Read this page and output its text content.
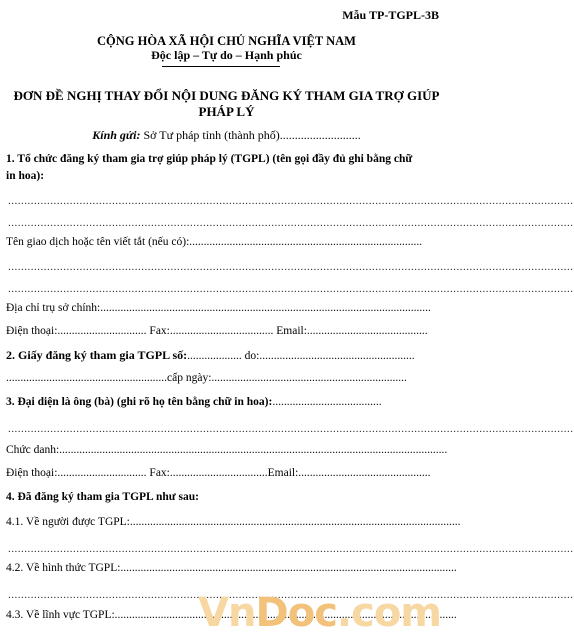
Mẫu TP-TGPL-3B
CỘNG HÒA XÃ HỘI CHỦ NGHĨA VIỆT NAM
Độc lập – Tự do – Hạnh phúc
ĐƠN ĐỀ NGHỊ THAY ĐỔI NỘI DUNG ĐĂNG KÝ THAM GIA TRỢ GIÚP
PHÁP LÝ
Kính gửi: Sở Tư pháp tỉnh (thành phố)...........................
1. Tổ chức đăng ký tham gia trợ giúp pháp lý (TGPL) (tên gọi đầy đủ ghi bằng chữ
in hoa):
..............................................................................................................................................................................
..............................................................................................................................................................................
Tên giao dịch hoặc tên viết tắt (nếu có):.................................................................................
..............................................................................................................................................................................
..............................................................................................................................................................................
Địa chỉ trụ sở chính:...................................................................................................................
Điện thoại:............................... Fax:.................................... Email:..........................................
2. Giấy đăng ký tham gia TGPL số:................... do:......................................................
........................................................cấp ngày:....................................................................
3. Đại diện là ông (bà) (ghi rõ họ tên bằng chữ in hoa):......................................
..............................................................................................................................................................................
Chức danh:.......................................................................................................................................
Điện thoại:............................... Fax:..................................Email:..............................................
4. Đã đăng ký tham gia TGPL như sau:
4.1. Về người được TGPL:...................................................................................................................
..............................................................................................................................................................................
4.2. Về hình thức TGPL:.....................................................................................................................
..............................................................................................................................................................................
4.3. Về lĩnh vực TGPL:.......................................................................................................................
VnDoc.com
